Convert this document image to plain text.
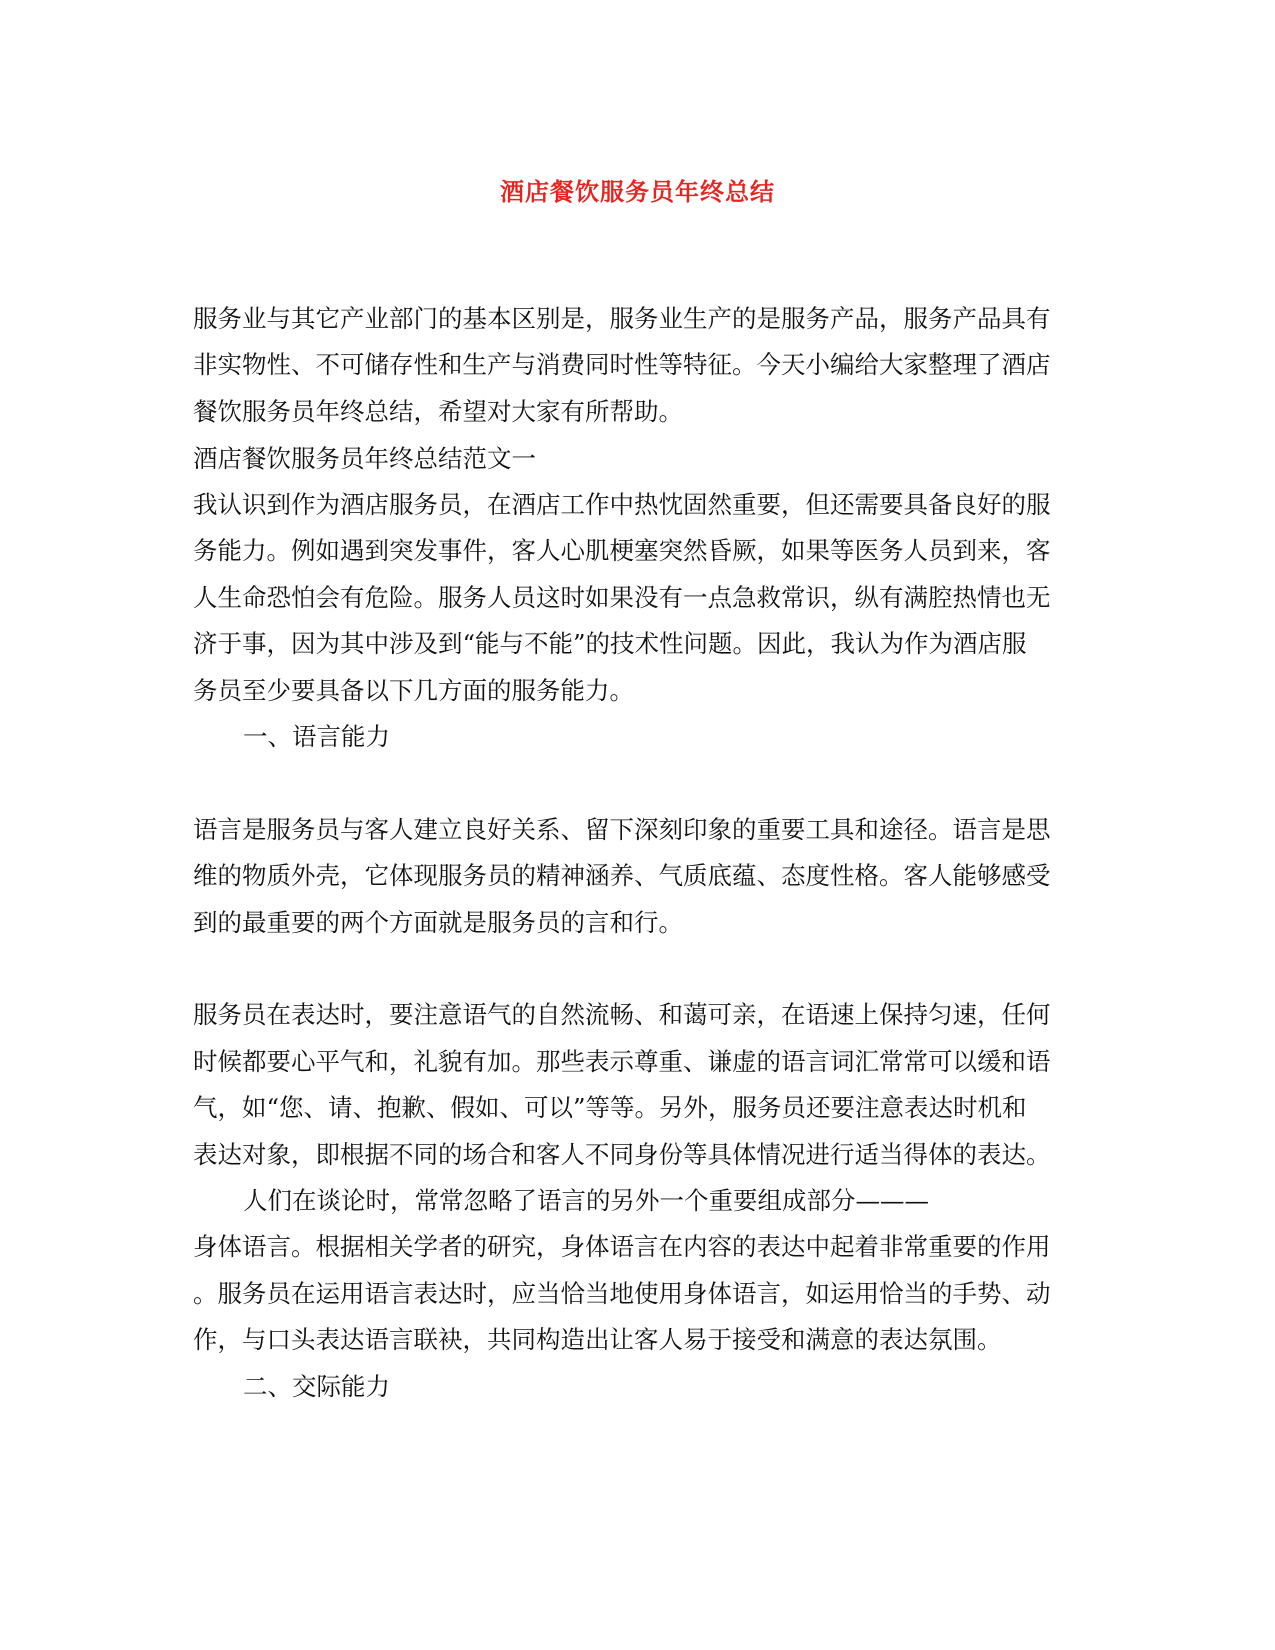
酒店餐饮服务员年终总结
服务业与其它产业部门的基本区别是，服务业生产的是服务产品，服务产品具有
非实物性、不可储存性和生产与消费同时性等特征。今天小编给大家整理了酒店
餐饮服务员年终总结，希望对大家有所帮助。
酒店餐饮服务员年终总结范文一
我认识到作为酒店服务员，在酒店工作中热忱固然重要，但还需要具备良好的服
务能力。例如遇到突发事件，客人心肌梗塞突然昏厥，如果等医务人员到来，客
人生命恐怕会有危险。服务人员这时如果没有一点急救常识，纵有满腔热情也无
济于事，因为其中涉及到“能与不能”的技术性问题。因此，我认为作为酒店服
务员至少要具备以下几方面的服务能力。
一、语言能力
语言是服务员与客人建立良好关系、留下深刻印象的重要工具和途径。语言是思
维的物质外壳，它体现服务员的精神涵养、气质底蕴、态度性格。客人能够感受
到的最重要的两个方面就是服务员的言和行。
服务员在表达时，要注意语气的自然流畅、和蔼可亲，在语速上保持匀速，任何
时候都要心平气和，礼貌有加。那些表示尊重、谦虚的语言词汇常常可以缓和语
气，如“您、请、抱歉、假如、可以”等等。另外，服务员还要注意表达时机和
表达对象，即根据不同的场合和客人不同身份等具体情况进行适当得体的表达。
人们在谈论时，常常忽略了语言的另外一个重要组成部分———
身体语言。根据相关学者的研究，身体语言在内容的表达中起着非常重要的作用
。服务员在运用语言表达时，应当恰当地使用身体语言，如运用恰当的手势、动
作，与口头表达语言联袂，共同构造出让客人易于接受和满意的表达氛围。
二、交际能力
